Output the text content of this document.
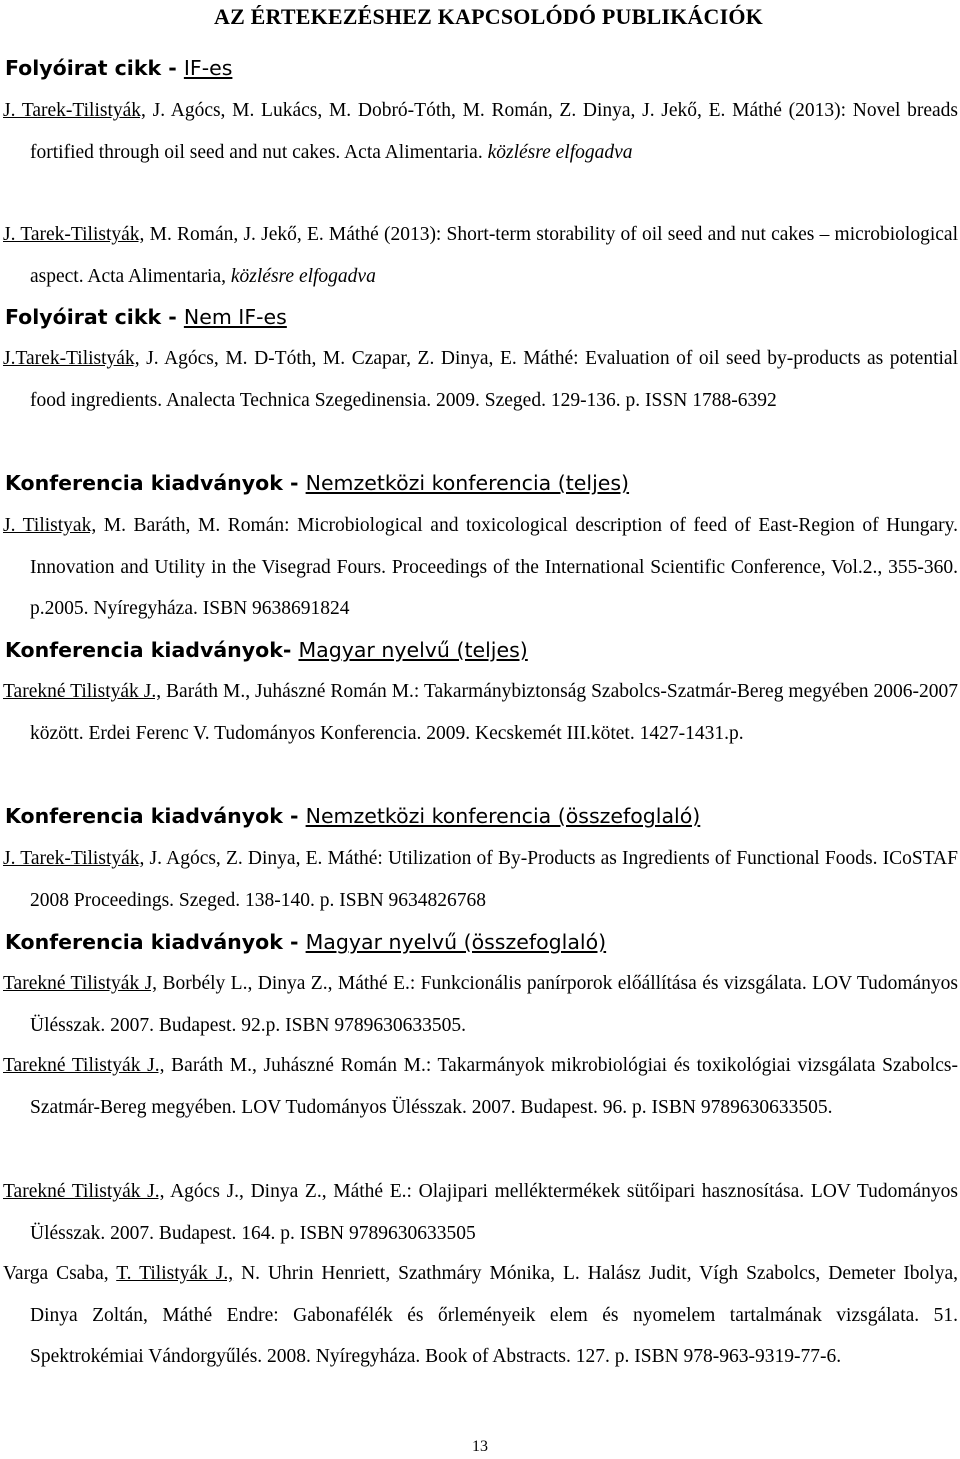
AZ ÉRTEKEZÉSHEZ KAPCSOLÓDÓ PUBLIKÁCIÓK
Folyóirat cikk - IF-es
J. Tarek-Tilistyák, J. Agócs, M. Lukács, M. Dobró-Tóth, M. Román, Z. Dinya, J. Jekő, E. Máthé (2013): Novel breads fortified through oil seed and nut cakes. Acta Alimentaria. közlésre elfogadva
J. Tarek-Tilistyák, M. Román, J. Jekő, E. Máthé (2013): Short-term storability of oil seed and nut cakes – microbiological aspect. Acta Alimentaria, közlésre elfogadva
Folyóirat cikk - Nem IF-es
J.Tarek-Tilistyák, J. Agócs, M. D-Tóth, M. Czapar, Z. Dinya, E. Máthé: Evaluation of oil seed by-products as potential food ingredients. Analecta Technica Szegedinensia. 2009. Szeged. 129-136. p. ISSN 1788-6392
Konferencia kiadványok - Nemzetközi konferencia (teljes)
J. Tilistyak, M. Baráth, M. Román: Microbiological and toxicological description of feed of East-Region of Hungary. Innovation and Utility in the Visegrad Fours. Proceedings of the International Scientific Conference, Vol.2., 355-360. p.2005. Nyíregyháza. ISBN 9638691824
Konferencia kiadványok- Magyar nyelvű (teljes)
Tarekné Tilistyák J., Baráth M., Juhászné Román M.: Takarmánybiztonság Szabolcs-Szatmár-Bereg megyében 2006-2007 között. Erdei Ferenc V. Tudományos Konferencia. 2009. Kecskemét III.kötet. 1427-1431.p.
Konferencia kiadványok - Nemzetközi konferencia (összefoglaló)
J. Tarek-Tilistyák, J. Agócs, Z. Dinya, E. Máthé: Utilization of By-Products as Ingredients of Functional Foods. ICoSTAF 2008 Proceedings. Szeged. 138-140. p. ISBN 9634826768
Konferencia kiadványok - Magyar nyelvű (összefoglaló)
Tarekné Tilistyák J, Borbély L., Dinya Z., Máthé E.: Funkcionális panírporok előállítása és vizsgálata. LOV Tudományos Ülésszak. 2007. Budapest. 92.p. ISBN 9789630633505.
Tarekné Tilistyák J., Baráth M., Juhászné Román M.: Takarmányok mikrobiológiai és toxikológiai vizsgálata Szabolcs-Szatmár-Bereg megyében. LOV Tudományos Ülésszak. 2007. Budapest. 96. p. ISBN 9789630633505.
Tarekné Tilistyák J., Agócs J., Dinya Z., Máthé E.: Olajipari melléktermékek sütőipari hasznosítása. LOV Tudományos Ülésszak. 2007. Budapest. 164. p. ISBN 9789630633505
Varga Csaba, T. Tilistyák J., N. Uhrin Henriett, Szathmáry Mónika, L. Halász Judit, Vígh Szabolcs, Demeter Ibolya, Dinya Zoltán, Máthé Endre: Gabonafélék és őrleményeik elem és nyomelem tartalmának vizsgálata. 51. Spektrokémiai Vándorgyűlés. 2008. Nyíregyháza. Book of Abstracts. 127. p. ISBN 978-963-9319-77-6.
13
